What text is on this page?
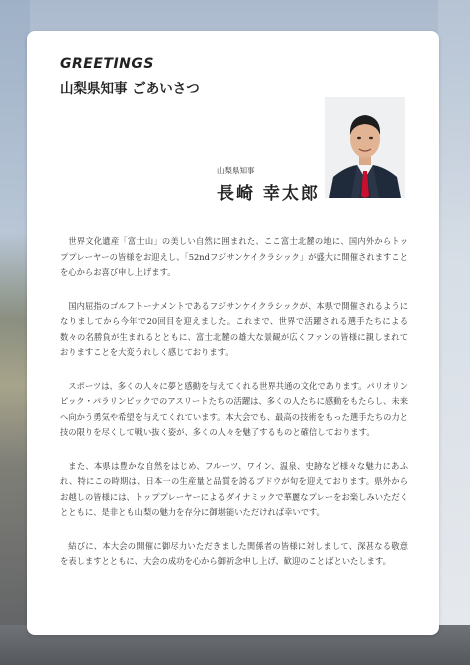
GREETINGS
山梨県知事 ごあいさつ
山梨県知事
長崎 幸太郎

世界文化遺産「富士山」の美しい自然に囲まれた、ここ富士北麓の地に、国内外からトッププレーヤーの皆様をお迎えし、「52ndフジサンケイクラシック」が盛大に開催されますことを心からお喜び申し上げます。

国内屈指のゴルフトーナメントであるフジサンケイクラシックが、本県で開催されるようになりましてから今年で20回目を迎えました。これまで、世界で活躍される選手たちによる数々の名勝負が生まれるとともに、富士北麓の雄大な景観が広くファンの皆様に親しまれておりますことを大変うれしく感じております。

スポーツは、多くの人々に夢と感動を与えてくれる世界共通の文化であります。パリオリンピック・パラリンピックでのアスリートたちの活躍は、多くの人たちに感動をもたらし、未来へ向かう勇気や希望を与えてくれています。本大会でも、最高の技術をもった選手たちの力と技の限りを尽くして戦い抜く姿が、多くの人々を魅了するものと確信しております。

また、本県は豊かな自然をはじめ、フルーツ、ワイン、温泉、史跡など様々な魅力にあふれ、特にこの時期は、日本一の生産量と品質を誇るブドウが旬を迎えております。県外からお越しの皆様には、トッププレーヤーによるダイナミックで華麗なプレーをお楽しみいただくとともに、是非とも山梨の魅力を存分に御堪能いただければ幸いです。

結びに、本大会の開催に御尽力いただきました関係者の皆様に対しまして、深甚なる敬意を表しますとともに、大会の成功を心から御祈念申し上げ、歓迎のことばといたします。
